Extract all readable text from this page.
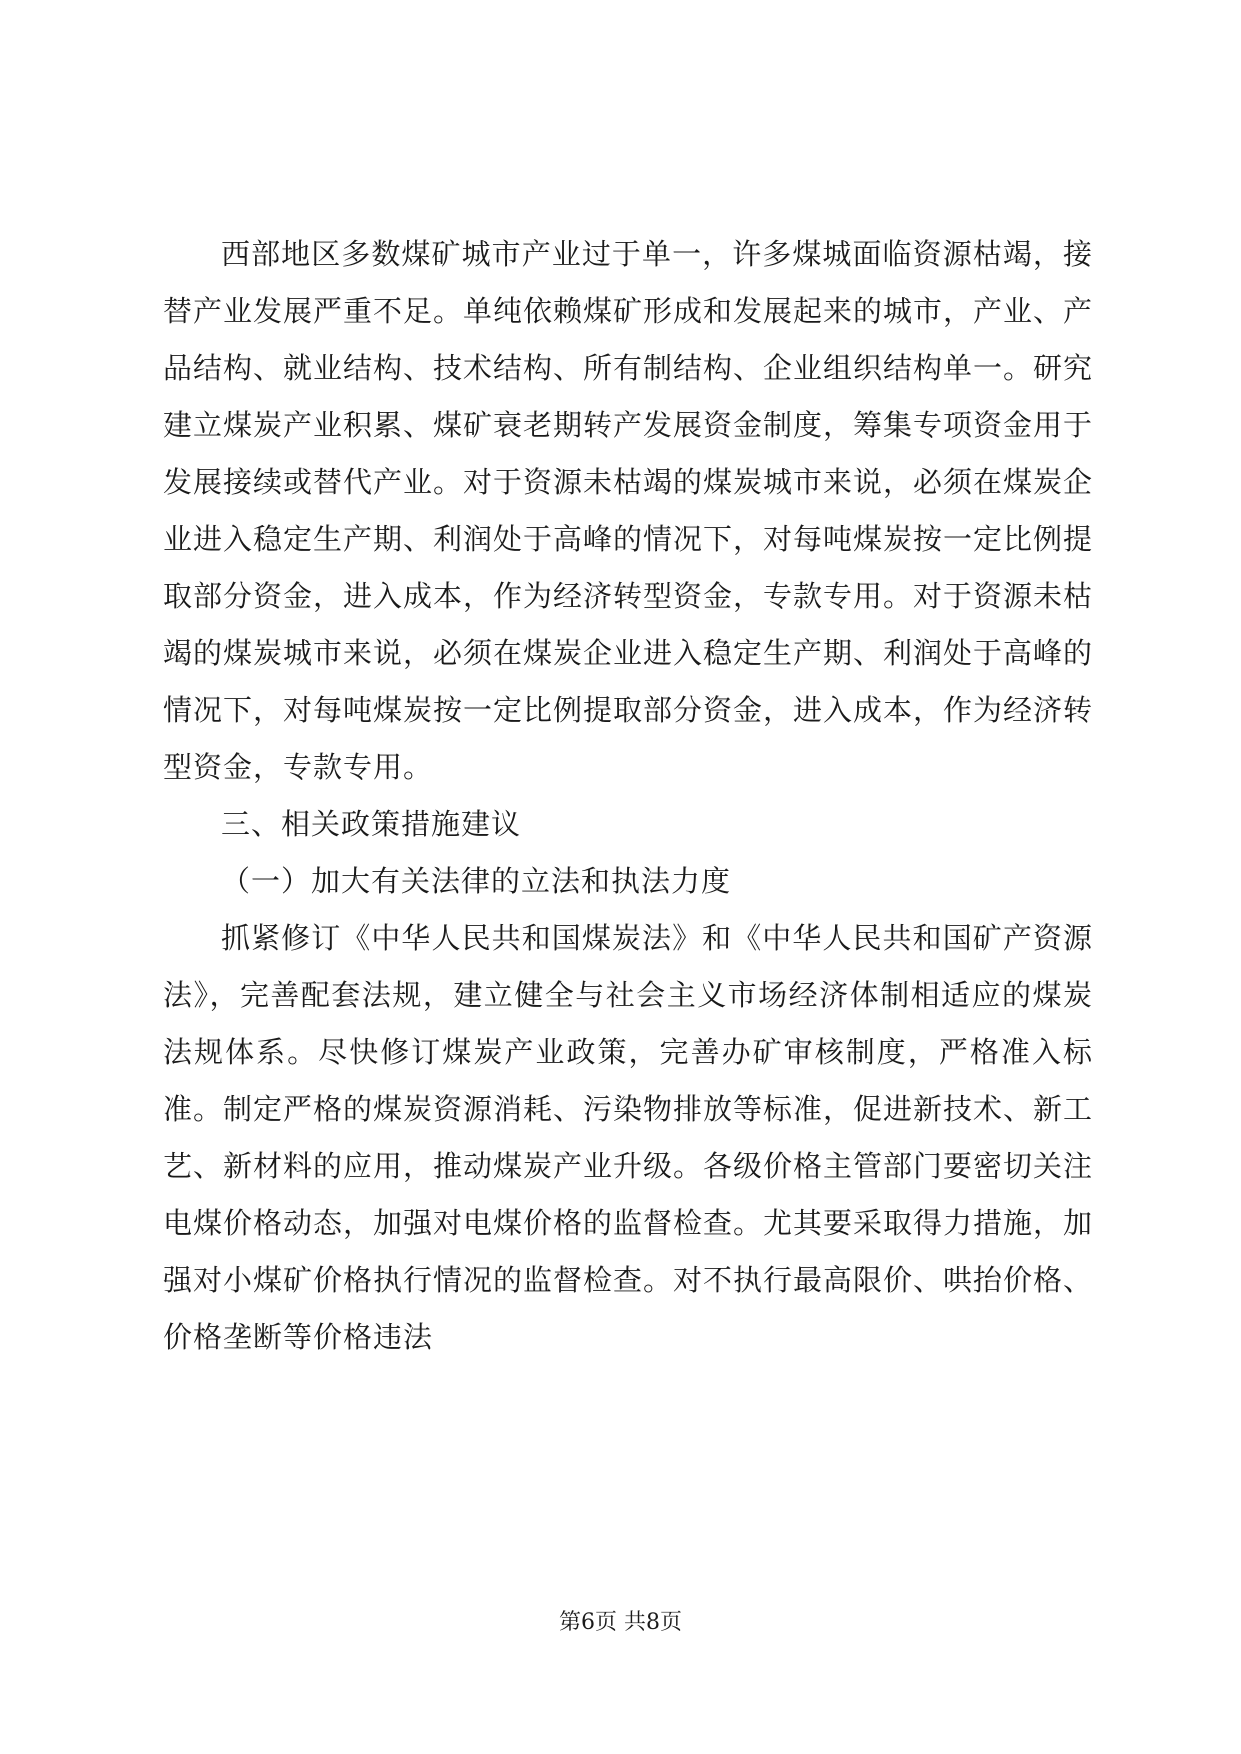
西部地区多数煤矿城市产业过于单一，许多煤城面临资源枯竭，接替产业发展严重不足。单纯依赖煤矿形成和发展起来的城市，产业、产品结构、就业结构、技术结构、所有制结构、企业组织结构单一。研究建立煤炭产业积累、煤矿衰老期转产发展资金制度，筹集专项资金用于发展接续或替代产业。对于资源未枯竭的煤炭城市来说，必须在煤炭企业进入稳定生产期、利润处于高峰的情况下，对每吨煤炭按一定比例提取部分资金，进入成本，作为经济转型资金，专款专用。对于资源未枯竭的煤炭城市来说，必须在煤炭企业进入稳定生产期、利润处于高峰的情况下，对每吨煤炭按一定比例提取部分资金，进入成本，作为经济转型资金，专款专用。

三、相关政策措施建议

（一）加大有关法律的立法和执法力度

抓紧修订《中华人民共和国煤炭法》和《中华人民共和国矿产资源法》，完善配套法规，建立健全与社会主义市场经济体制相适应的煤炭法规体系。尽快修订煤炭产业政策，完善办矿审核制度，严格准入标准。制定严格的煤炭资源消耗、污染物排放等标准，促进新技术、新工艺、新材料的应用，推动煤炭产业升级。各级价格主管部门要密切关注电煤价格动态，加强对电煤价格的监督检查。尤其要采取得力措施，加强对小煤矿价格执行情况的监督检查。对不执行最高限价、哄抬价格、价格垄断等价格违法

第6页 共8页
